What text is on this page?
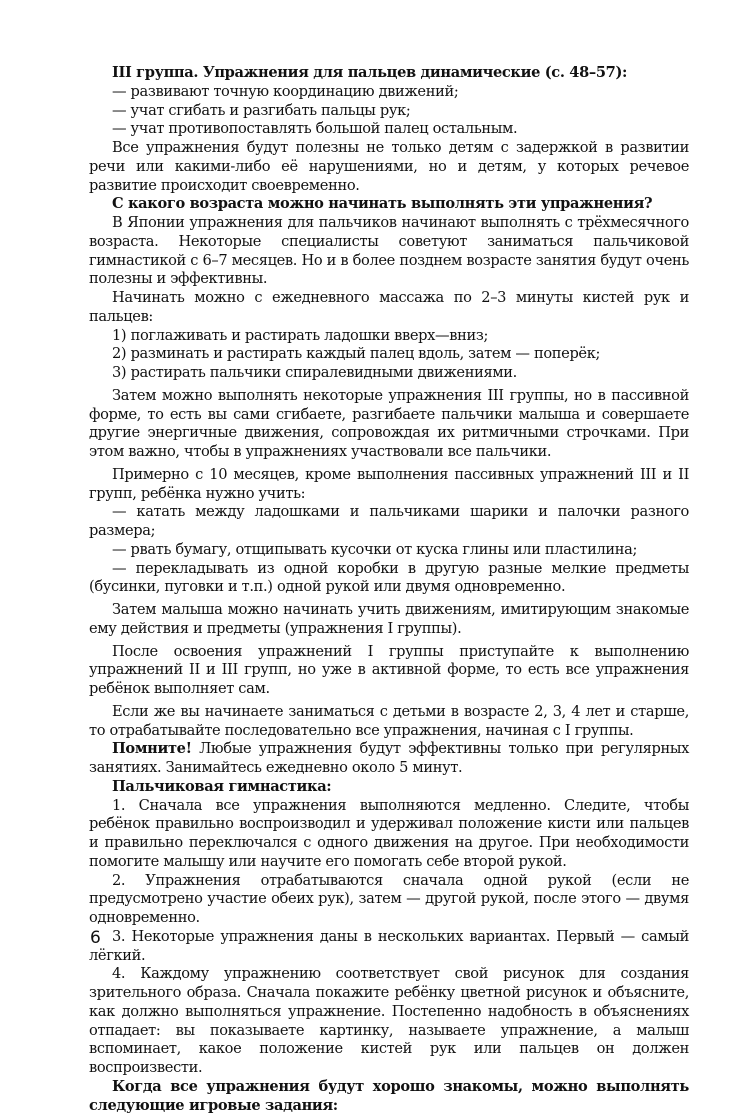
III группа. Упражнения для пальцев динамические (с. 48–57):

— развивают точную координацию движений;

— учат сгибать и разгибать пальцы рук;

— учат противопоставлять большой палец остальным.

Все упражнения будут полезны не только детям с задержкой в развитии речи или какими-либо её нарушениями, но и детям, у которых речевое развитие происходит своевременно.

С какого возраста можно начинать выполнять эти упражнения?

В Японии упражнения для пальчиков начинают выполнять с трёхмесячного возраста. Некоторые специалисты советуют заниматься пальчиковой гимнастикой с 6–7 месяцев. Но и в более позднем возрасте занятия будут очень полезны и эффективны.

Начинать можно с ежедневного массажа по 2–3 минуты кистей рук и пальцев:

1) поглаживать и растирать ладошки вверх—вниз;

2) разминать и растирать каждый палец вдоль, затем — поперёк;

3) растирать пальчики спиралевидными движениями.

Затем можно выполнять некоторые упражнения III группы, но в пассивной форме, то есть вы сами сгибаете, разгибаете пальчики малыша и совершаете другие энергичные движения, сопровождая их ритмичными строчками. При этом важно, чтобы в упражнениях участвовали все пальчики.

Примерно с 10 месяцев, кроме выполнения пассивных упражнений III и II групп, ребёнка нужно учить:

— катать между ладошками и пальчиками шарики и палочки разного размера;

— рвать бумагу, отщипывать кусочки от куска глины или пластилина;

— перекладывать из одной коробки в другую разные мелкие предметы (бусинки, пуговки и т.п.) одной рукой или двумя одновременно.

Затем малыша можно начинать учить движениям, имитирующим знакомые ему действия и предметы (упражнения I группы).

После освоения упражнений I группы приступайте к выполнению упражнений II и III групп, но уже в активной форме, то есть все упражнения ребёнок выполняет сам.

Если же вы начинаете заниматься с детьми в возрасте 2, 3, 4 лет и старше, то отрабатывайте последовательно все упражнения, начиная с I группы.

Помните! Любые упражнения будут эффективны только при регулярных занятиях. Занимайтесь ежедневно около 5 минут.

Пальчиковая гимнастика:

1. Сначала все упражнения выполняются медленно. Следите, чтобы ребёнок правильно воспроизводил и удерживал положение кисти или пальцев и правильно переключался с одного движения на другое. При необходимости помогите малышу или научите его помогать себе второй рукой.

2. Упражнения отрабатываются сначала одной рукой (если не предусмотрено участие обеих рук), затем — другой рукой, после этого — двумя одновременно.

3. Некоторые упражнения даны в нескольких вариантах. Первый — самый лёгкий.

4. Каждому упражнению соответствует свой рисунок для создания зрительного образа. Сначала покажите ребёнку цветной рисунок и объясните, как должно выполняться упражнение. Постепенно надобность в объяснениях отпадает: вы показываете картинку, называете упражнение, а малыш вспоминает, какое положение кистей рук или пальцев он должен воспроизвести.

Когда все упражнения будут хорошо знакомы, можно выполнять следующие игровые задания:

6
